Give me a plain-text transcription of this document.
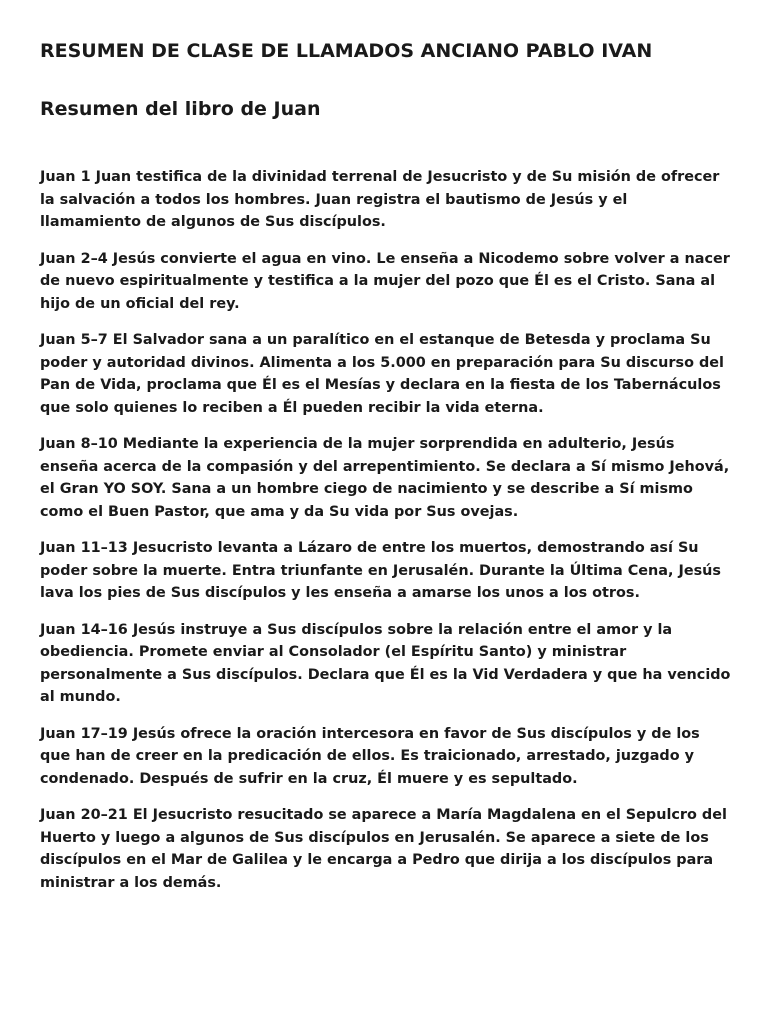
RESUMEN DE CLASE DE LLAMADOS ANCIANO PABLO IVAN
Resumen del libro de Juan

Juan 1 Juan testifica de la divinidad terrenal de Jesucristo y de Su misión de ofrecer la salvación a todos los hombres. Juan registra el bautismo de Jesús y el llamamiento de algunos de Sus discípulos.

Juan 2–4 Jesús convierte el agua en vino. Le enseña a Nicodemo sobre volver a nacer de nuevo espiritualmente y testifica a la mujer del pozo que Él es el Cristo. Sana al hijo de un oficial del rey.

Juan 5–7 El Salvador sana a un paralítico en el estanque de Betesda y proclama Su poder y autoridad divinos. Alimenta a los 5.000 en preparación para Su discurso del Pan de Vida, proclama que Él es el Mesías y declara en la fiesta de los Tabernáculos que solo quienes lo reciben a Él pueden recibir la vida eterna.

Juan 8–10 Mediante la experiencia de la mujer sorprendida en adulterio, Jesús enseña acerca de la compasión y del arrepentimiento. Se declara a Sí mismo Jehová, el Gran YO SOY. Sana a un hombre ciego de nacimiento y se describe a Sí mismo como el Buen Pastor, que ama y da Su vida por Sus ovejas.

Juan 11–13 Jesucristo levanta a Lázaro de entre los muertos, demostrando así Su poder sobre la muerte. Entra triunfante en Jerusalén. Durante la Última Cena, Jesús lava los pies de Sus discípulos y les enseña a amarse los unos a los otros.

Juan 14–16 Jesús instruye a Sus discípulos sobre la relación entre el amor y la obediencia. Promete enviar al Consolador (el Espíritu Santo) y ministrar personalmente a Sus discípulos. Declara que Él es la Vid Verdadera y que ha vencido al mundo.

Juan 17–19 Jesús ofrece la oración intercesora en favor de Sus discípulos y de los que han de creer en la predicación de ellos. Es traicionado, arrestado, juzgado y condenado. Después de sufrir en la cruz, Él muere y es sepultado.

Juan 20–21 El Jesucristo resucitado se aparece a María Magdalena en el Sepulcro del Huerto y luego a algunos de Sus discípulos en Jerusalén. Se aparece a siete de los discípulos en el Mar de Galilea y le encarga a Pedro que dirija a los discípulos para ministrar a los demás.
